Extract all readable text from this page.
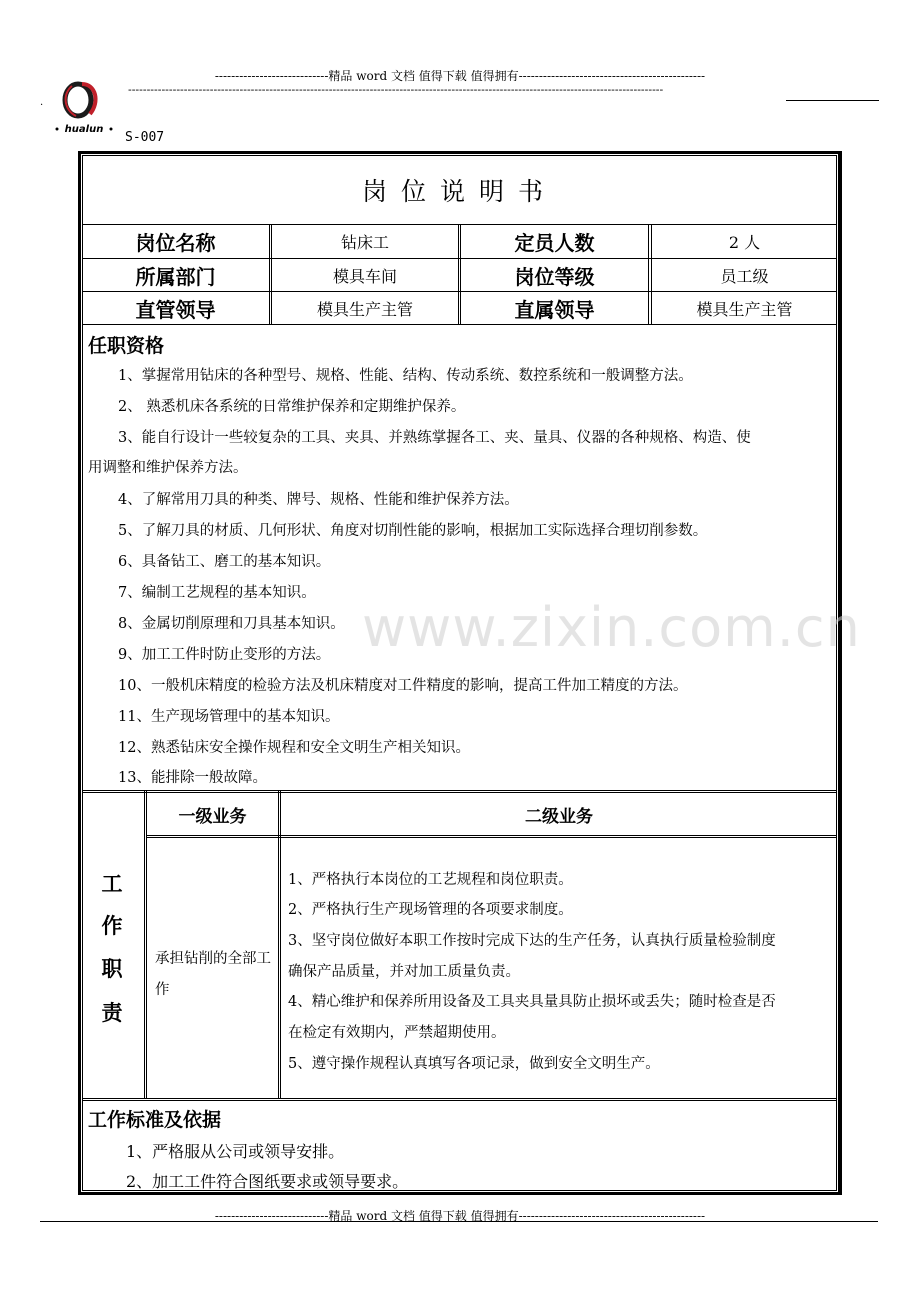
----------------------------精品 word 文档 值得下载 值得拥有----------------------------------------------
.
------------------------------------------------------------------------------------------------------------------------------------------------
hualun
S-007
岗位说明书
岗位名称	钻床工	定员人数	2 人
所属部门	模具车间	岗位等级	员工级
直管领导	模具生产主管	直属领导	模具生产主管
任职资格
1、掌握常用钻床的各种型号、规格、性能、结构、传动系统、数控系统和一般调整方法。
2、 熟悉机床各系统的日常维护保养和定期维护保养。
3、能自行设计一些较复杂的工具、夹具、并熟练掌握各工、夹、量具、仪器的各种规格、构造、使
用调整和维护保养方法。
4、了解常用刀具的种类、牌号、规格、性能和维护保养方法。
5、了解刀具的材质、几何形状、角度对切削性能的影响，根据加工实际选择合理切削参数。
6、具备钻工、磨工的基本知识。
7、编制工艺规程的基本知识。
8、金属切削原理和刀具基本知识。
9、加工工件时防止变形的方法。
10、一般机床精度的检验方法及机床精度对工件精度的影响，提高工件加工精度的方法。
11、生产现场管理中的基本知识。
12、熟悉钻床安全操作规程和安全文明生产相关知识。
13、能排除一般故障。
www.zixin.com.cn
工
作
职
责
一级业务	二级业务
承担钻削的全部工作
1、严格执行本岗位的工艺规程和岗位职责。
2、严格执行生产现场管理的各项要求制度。
3、坚守岗位做好本职工作按时完成下达的生产任务，认真执行质量检验制度
确保产品质量，并对加工质量负责。
4、精心维护和保养所用设备及工具夹具量具防止损坏或丢失；随时检查是否
在检定有效期内，严禁超期使用。
5、遵守操作规程认真填写各项记录，做到安全文明生产。
工作标准及依据
1、严格服从公司或领导安排。
2、加工工件符合图纸要求或领导要求。
----------------------------精品 word 文档 值得下载 值得拥有----------------------------------------------
